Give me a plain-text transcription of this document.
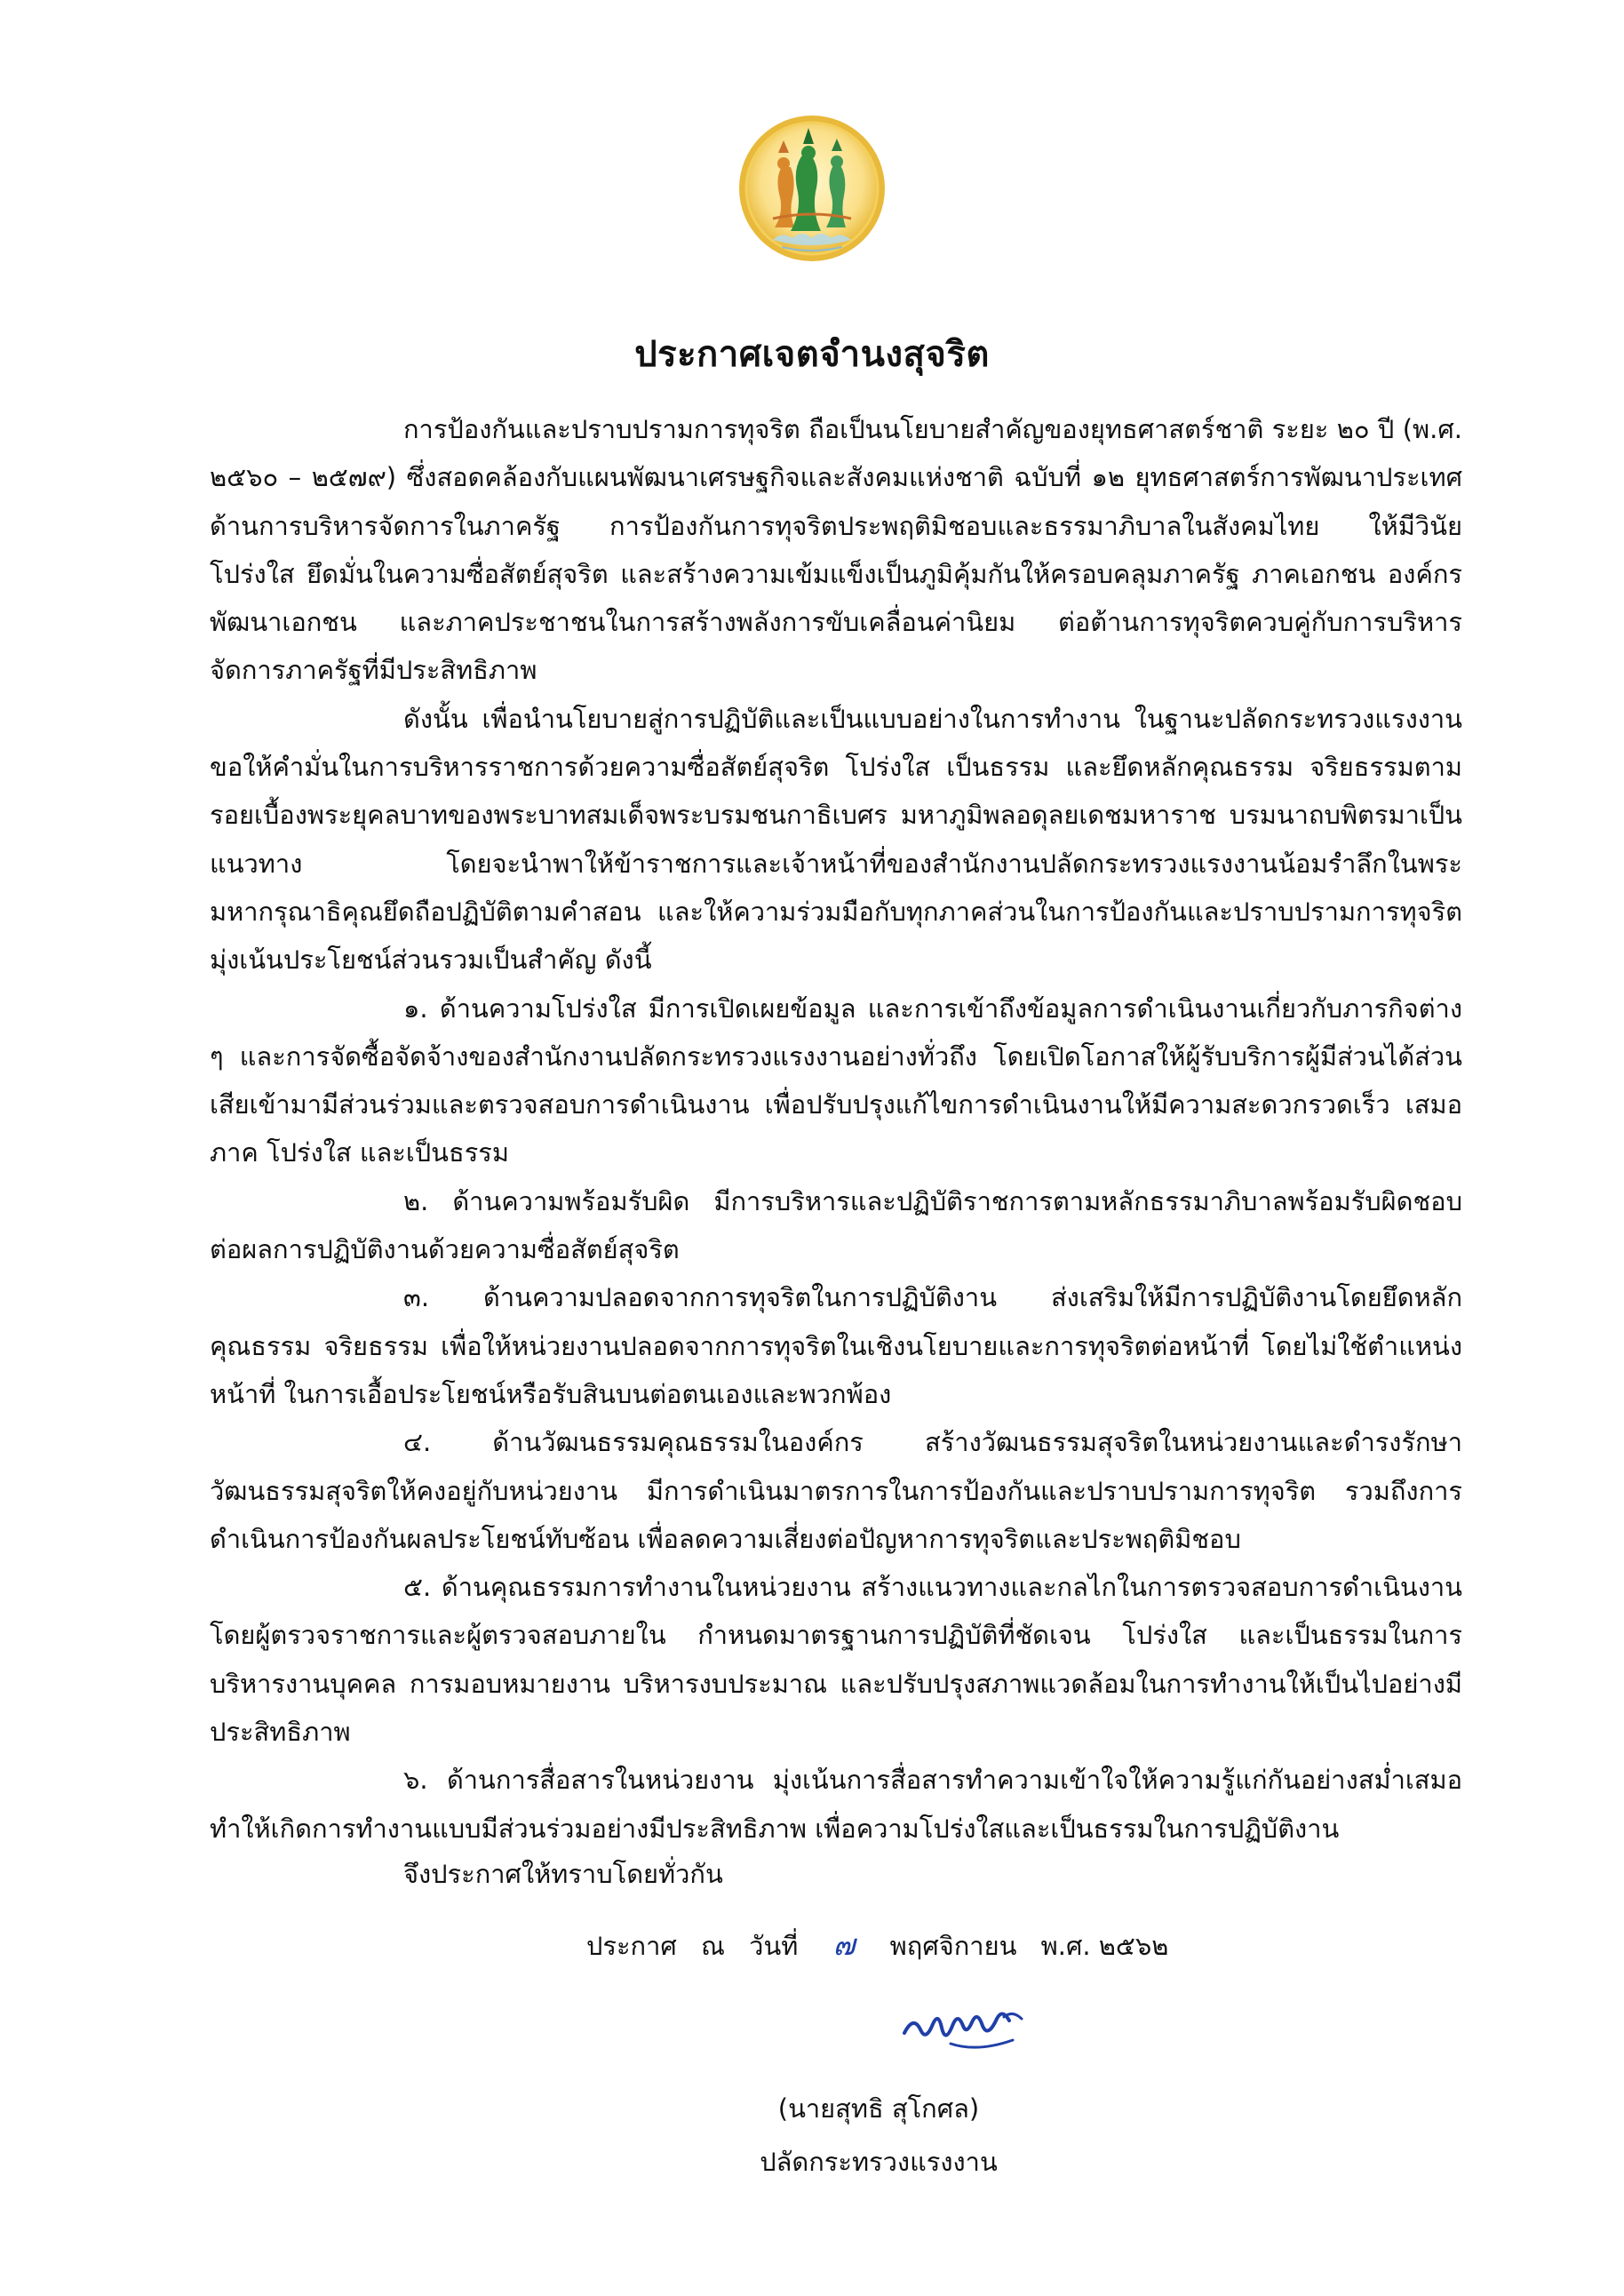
ประกาศเจตจำนงสุจริต

การป้องกันและปราบปรามการทุจริต ถือเป็นนโยบายสำคัญของยุทธศาสตร์ชาติ ระยะ ๒๐ ปี (พ.ศ. ๒๕๖๐ – ๒๕๗๙) ซึ่งสอดคล้องกับแผนพัฒนาเศรษฐกิจและสังคมแห่งชาติ ฉบับที่ ๑๒ ยุทธศาสตร์การพัฒนาประเทศ ด้านการบริหารจัดการในภาครัฐ การป้องกันการทุจริตประพฤติมิชอบและธรรมาภิบาลในสังคมไทย ให้มีวินัย โปร่งใส ยึดมั่นในความซื่อสัตย์สุจริต และสร้างความเข้มแข็งเป็นภูมิคุ้มกันให้ครอบคลุมภาครัฐ ภาคเอกชน องค์กรพัฒนาเอกชน และภาคประชาชนในการสร้างพลังการขับเคลื่อนค่านิยม ต่อต้านการทุจริตควบคู่กับการบริหารจัดการภาครัฐที่มีประสิทธิภาพ

ดังนั้น เพื่อนำนโยบายสู่การปฏิบัติและเป็นแบบอย่างในการทำงาน ในฐานะปลัดกระทรวงแรงงานขอให้คำมั่นในการบริหารราชการด้วยความซื่อสัตย์สุจริต โปร่งใส เป็นธรรม และยึดหลักคุณธรรม จริยธรรมตามรอยเบื้องพระยุคลบาทของพระบาทสมเด็จพระบรมชนกาธิเบศร มหาภูมิพลอดุลยเดชมหาราช บรมนาถบพิตรมาเป็นแนวทาง โดยจะนำพาให้ข้าราชการและเจ้าหน้าที่ของสำนักงานปลัดกระทรวงแรงงานน้อมรำลึกในพระมหากรุณาธิคุณยึดถือปฏิบัติตามคำสอน และให้ความร่วมมือกับทุกภาคส่วนในการป้องกันและปราบปรามการทุจริต มุ่งเน้นประโยชน์ส่วนรวมเป็นสำคัญ ดังนี้

๑. ด้านความโปร่งใส มีการเปิดเผยข้อมูล และการเข้าถึงข้อมูลการดำเนินงานเกี่ยวกับภารกิจต่าง ๆ และการจัดซื้อจัดจ้างของสำนักงานปลัดกระทรวงแรงงานอย่างทั่วถึง โดยเปิดโอกาสให้ผู้รับบริการผู้มีส่วนได้ส่วนเสียเข้ามามีส่วนร่วมและตรวจสอบการดำเนินงาน เพื่อปรับปรุงแก้ไขการดำเนินงานให้มีความสะดวกรวดเร็ว เสมอภาค โปร่งใส และเป็นธรรม

๒. ด้านความพร้อมรับผิด มีการบริหารและปฏิบัติราชการตามหลักธรรมาภิบาลพร้อมรับผิดชอบต่อผลการปฏิบัติงานด้วยความซื่อสัตย์สุจริต

๓. ด้านความปลอดจากการทุจริตในการปฏิบัติงาน ส่งเสริมให้มีการปฏิบัติงานโดยยึดหลักคุณธรรม จริยธรรม เพื่อให้หน่วยงานปลอดจากการทุจริตในเชิงนโยบายและการทุจริตต่อหน้าที่ โดยไม่ใช้ตำแหน่งหน้าที่ ในการเอื้อประโยชน์หรือรับสินบนต่อตนเองและพวกพ้อง

๔. ด้านวัฒนธรรมคุณธรรมในองค์กร สร้างวัฒนธรรมสุจริตในหน่วยงานและดำรงรักษาวัฒนธรรมสุจริตให้คงอยู่กับหน่วยงาน มีการดำเนินมาตรการในการป้องกันและปราบปรามการทุจริต รวมถึงการดำเนินการป้องกันผลประโยชน์ทับซ้อน เพื่อลดความเสี่ยงต่อปัญหาการทุจริตและประพฤติมิชอบ

๕. ด้านคุณธรรมการทำงานในหน่วยงาน สร้างแนวทางและกลไกในการตรวจสอบการดำเนินงานโดยผู้ตรวจราชการและผู้ตรวจสอบภายใน กำหนดมาตรฐานการปฏิบัติที่ชัดเจน โปร่งใส และเป็นธรรมในการบริหารงานบุคคล การมอบหมายงาน บริหารงบประมาณ และปรับปรุงสภาพแวดล้อมในการทำงานให้เป็นไปอย่างมีประสิทธิภาพ

๖. ด้านการสื่อสารในหน่วยงาน มุ่งเน้นการสื่อสารทำความเข้าใจให้ความรู้แก่กันอย่างสม่ำเสมอทำให้เกิดการทำงานแบบมีส่วนร่วมอย่างมีประสิทธิภาพ เพื่อความโปร่งใสและเป็นธรรมในการปฏิบัติงาน

จึงประกาศให้ทราบโดยทั่วกัน
ประกาศ ณ วันที่ ๗ พฤศจิกายน พ.ศ. ๒๕๖๒
(นายสุทธิ สุโกศล)
ปลัดกระทรวงแรงงาน
